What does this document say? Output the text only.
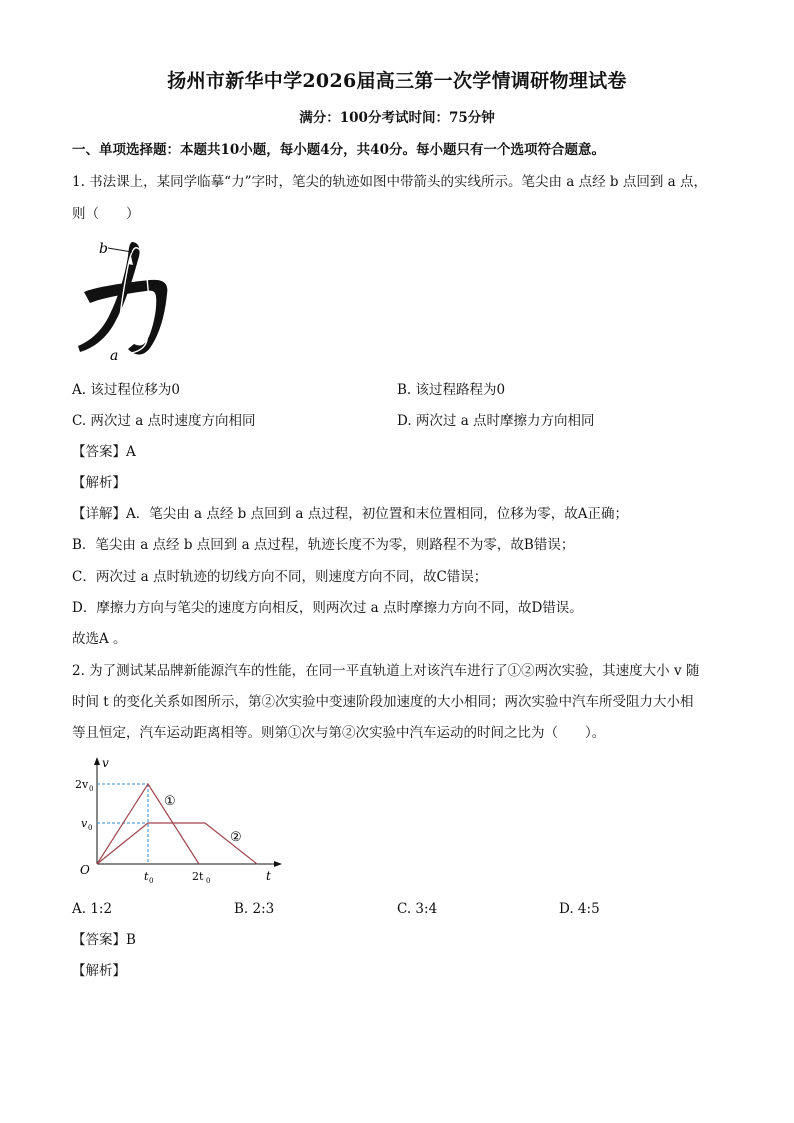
扬州市新华中学2026届高三第一次学情调研物理试卷
满分：100分考试时间：75分钟
一、单项选择题：本题共10小题，每小题4分，共40分。每小题只有一个选项符合题意。
1. 书法课上，某同学临摹“力”字时，笔尖的轨迹如图中带箭头的实线所示。笔尖由 a 点经 b 点回到 a 点，
则（　　）
b
a
A. 该过程位移为0	B. 该过程路程为0
C. 两次过 a 点时速度方向相同	D. 两次过 a 点时摩擦力方向相同
【答案】A
【解析】
【详解】A．笔尖由 a 点经 b 点回到 a 点过程，初位置和末位置相同，位移为零，故A正确；
B．笔尖由 a 点经 b 点回到 a 点过程，轨迹长度不为零，则路程不为零，故B错误；
C．两次过 a 点时轨迹的切线方向不同，则速度方向不同，故C错误；
D．摩擦力方向与笔尖的速度方向相反，则两次过 a 点时摩擦力方向不同，故D错误。
故选A 。
2. 为了测试某品牌新能源汽车的性能，在同一平直轨道上对该汽车进行了①②两次实验，其速度大小 v 随
时间 t 的变化关系如图所示，第②次实验中变速阶段加速度的大小相同；两次实验中汽车所受阻力大小相
等且恒定，汽车运动距离相等。则第①次与第②次实验中汽车运动的时间之比为（　　）。
v
t
O
2v 0
v 0
t 0	2t 0
①
②
A. 1:2	B. 2:3	C. 3:4	D. 4:5
【答案】B
【解析】
